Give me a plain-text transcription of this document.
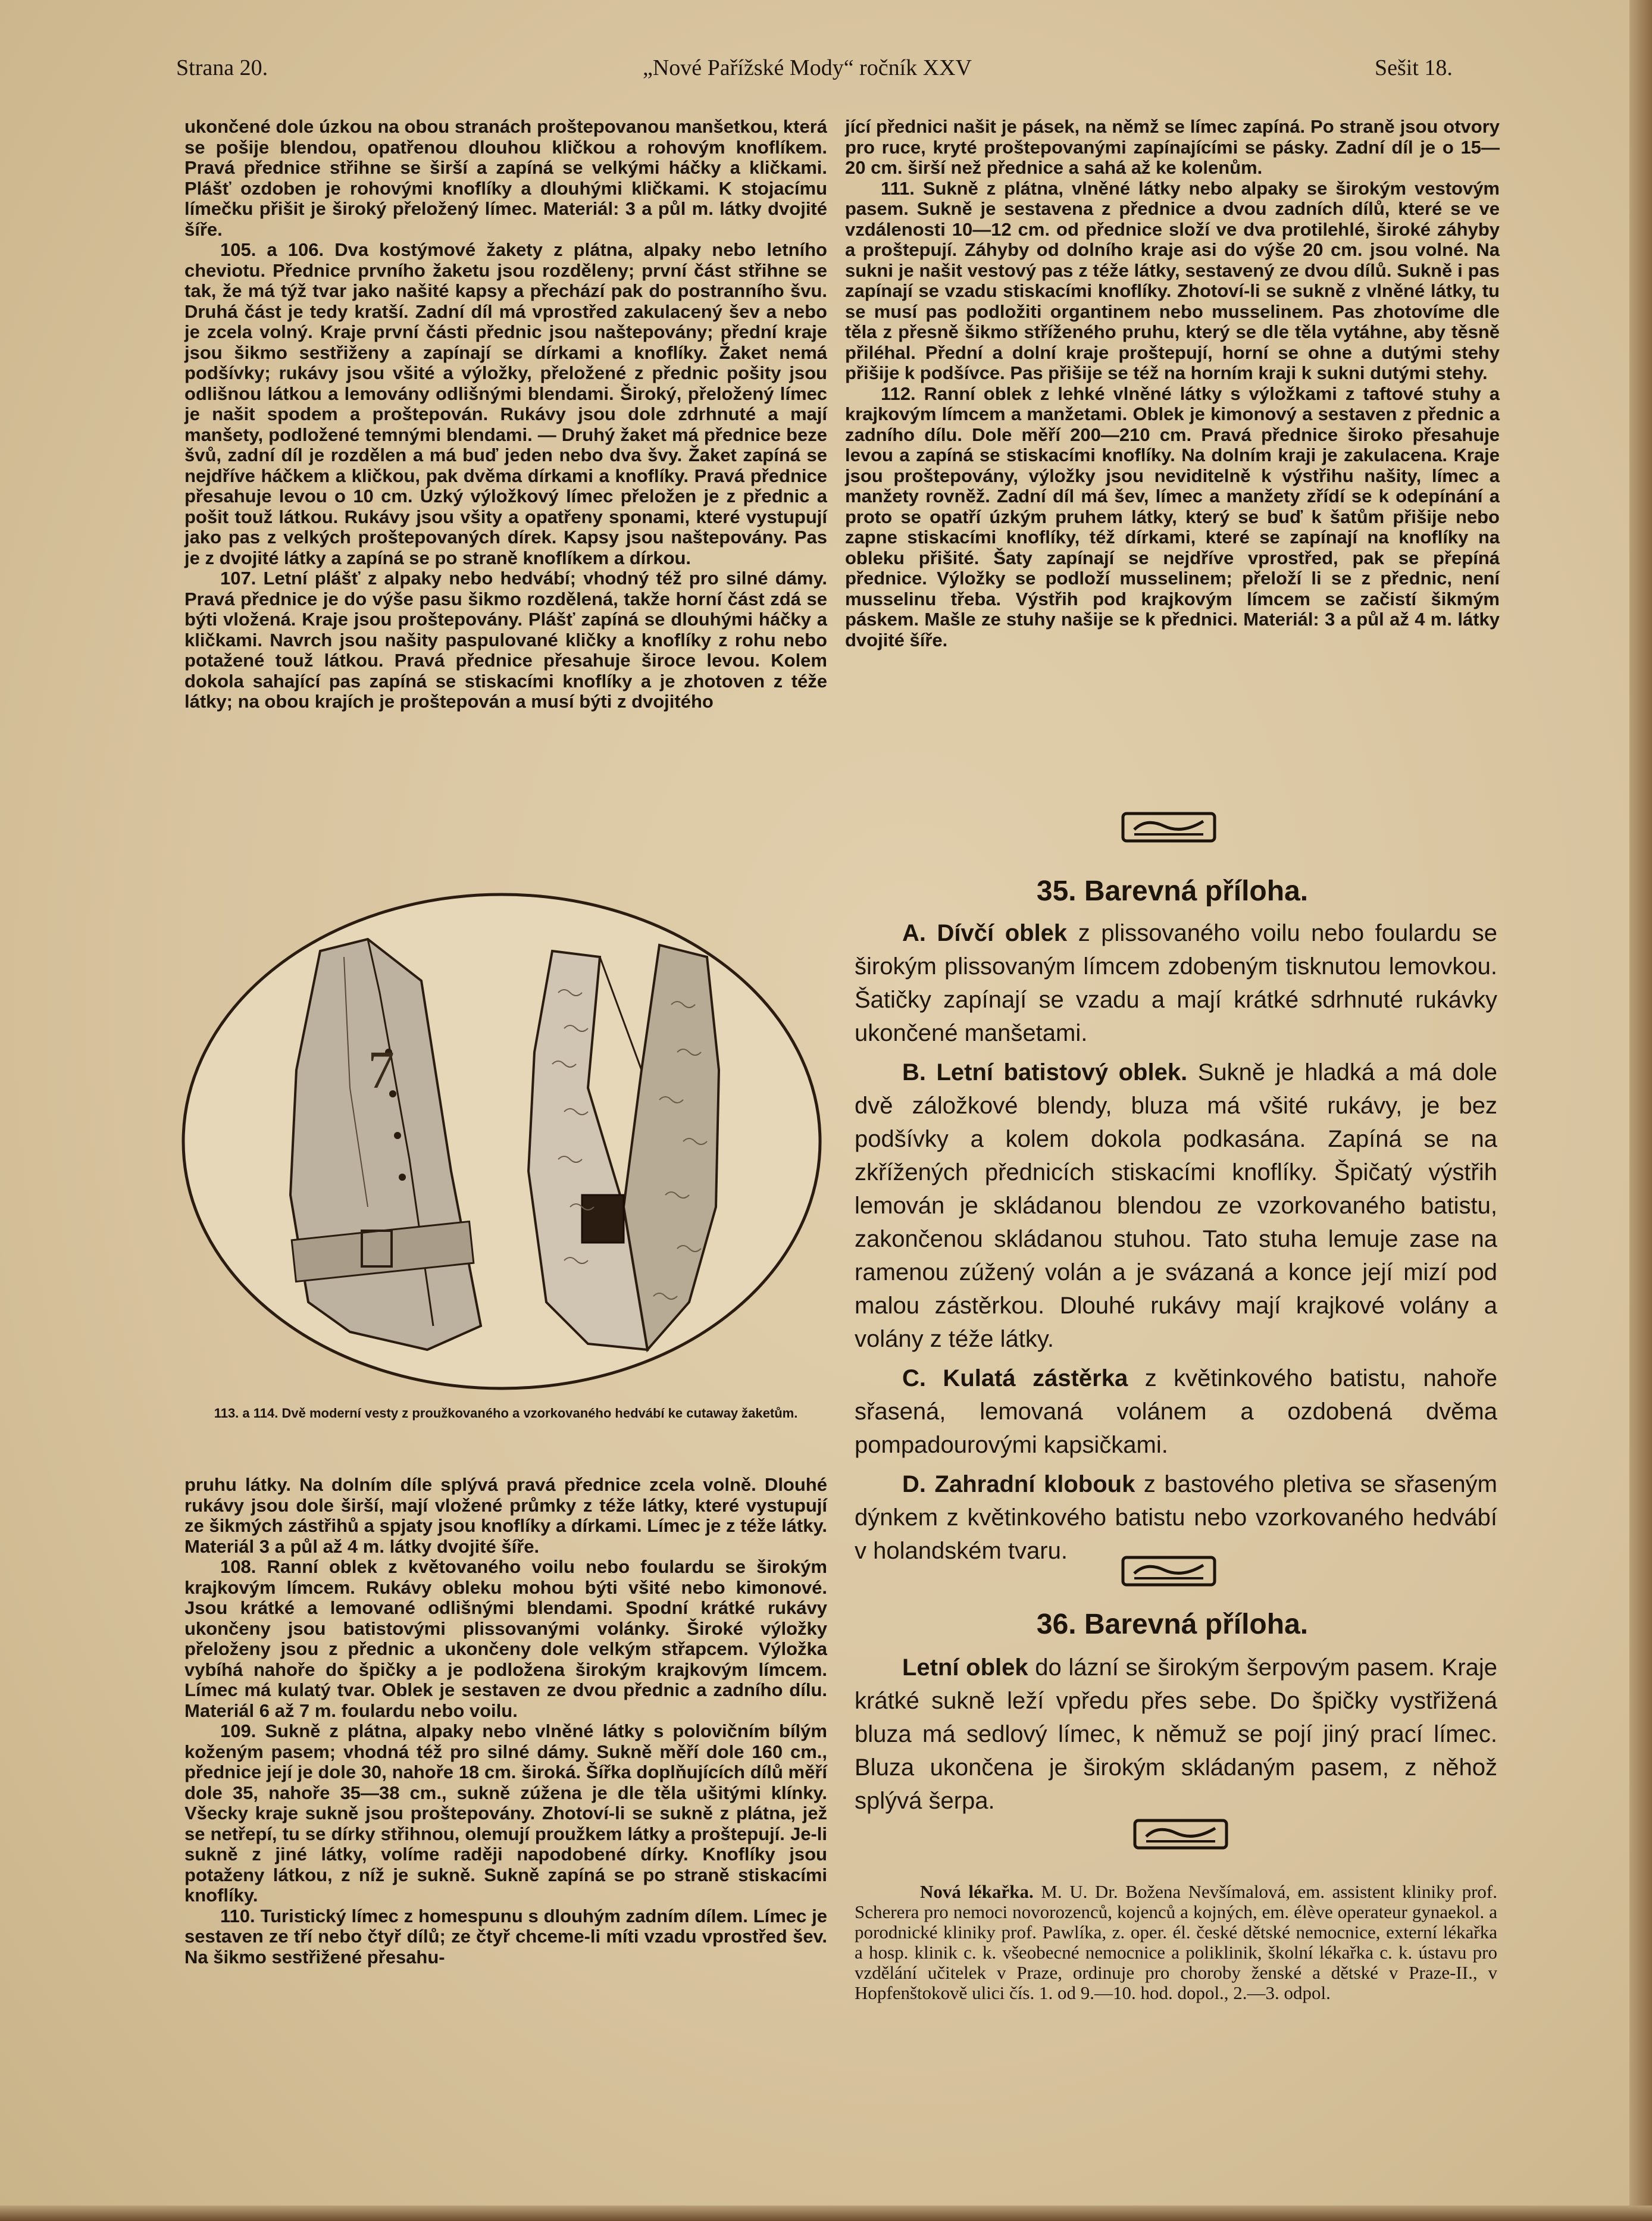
Strana 20.	„Nové Pařížské Mody“ ročník XXV	Sešit 18.

ukončené dole úzkou na obou stranách proštepovanou manšetkou, která se pošije blendou, opatřenou dlouhou kličkou a rohovým knoflíkem. Pravá přednice střihne se širší a zapíná se velkými háčky a kličkami. Plášť ozdoben je rohovými knoflíky a dlouhými kličkami. K stojacímu límečku přišit je široký přeložený límec. Materiál: 3 a půl m. látky dvojité šíře.

105. a 106. Dva kostýmové žakety z plátna, alpaky nebo letního cheviotu. Přednice prvního žaketu jsou rozděleny; první část střihne se tak, že má týž tvar jako našité kapsy a přechází pak do postranního švu. Druhá část je tedy kratší. Zadní díl má vprostřed zakulacený šev a nebo je zcela volný. Kraje první části přednic jsou naštepovány; přední kraje jsou šikmo sestřiženy a zapínají se dírkami a knoflíky. Žaket nemá podšívky; rukávy jsou všité a výložky, přeložené z přednic pošity jsou odlišnou látkou a lemovány odlišnými blendami. Široký, přeložený límec je našit spodem a proštepován. Rukávy jsou dole zdrhnuté a mají manšety, podložené temnými blendami. — Druhý žaket má přednice beze švů, zadní díl je rozdělen a má buď jeden nebo dva švy. Žaket zapíná se nejdříve háčkem a kličkou, pak dvěma dírkami a knoflíky. Pravá přednice přesahuje levou o 10 cm. Úzký výložkový límec přeložen je z přednic a pošit touž látkou. Rukávy jsou všity a opatřeny sponami, které vystupují jako pas z velkých proštepovaných dírek. Kapsy jsou naštepovány. Pas je z dvojité látky a zapíná se po straně knoflíkem a dírkou.

107. Letní plášť z alpaky nebo hedvábí; vhodný též pro silné dámy. Pravá přednice je do výše pasu šikmo rozdělená, takže horní část zdá se býti vložená. Kraje jsou proštepovány. Plášť zapíná se dlouhými háčky a kličkami. Navrch jsou našity paspulované kličky a knoflíky z rohu nebo potažené touž látkou. Pravá přednice přesahuje široce levou. Kolem dokola sahající pas zapíná se stiskacími knoflíky a je zhotoven z téže látky; na obou krajích je proštepován a musí býti z dvojitého

7
113. a 114. Dvě moderní vesty z proužkovaného a vzorkovaného hedvábí ke cutaway žaketům.

pruhu látky. Na dolním díle splývá pravá přednice zcela volně. Dlouhé rukávy jsou dole širší, mají vložené průmky z téže látky, které vystupují ze šikmých zástřihů a spjaty jsou knoflíky a dírkami. Límec je z téže látky. Materiál 3 a půl až 4 m. látky dvojité šíře.

108. Ranní oblek z květovaného voilu nebo foulardu se širokým krajkovým límcem. Rukávy obleku mohou býti všité nebo kimonové. Jsou krátké a lemované odlišnými blendami. Spodní krátké rukávy ukončeny jsou batistovými plissovanými volánky. Široké výložky přeloženy jsou z přednic a ukončeny dole velkým střapcem. Výložka vybíhá nahoře do špičky a je podložena širokým krajkovým límcem. Límec má kulatý tvar. Oblek je sestaven ze dvou přednic a zadního dílu. Materiál 6 až 7 m. foulardu nebo voilu.

109. Sukně z plátna, alpaky nebo vlněné látky s polovičním bílým koženým pasem; vhodná též pro silné dámy. Sukně měří dole 160 cm., přednice její je dole 30, nahoře 18 cm. široká. Šířka doplňujících dílů měří dole 35, nahoře 35—38 cm., sukně zúžena je dle těla ušitými klínky. Všecky kraje sukně jsou proštepovány. Zhotoví-li se sukně z plátna, jež se netřepí, tu se dírky střihnou, olemují proužkem látky a proštepují. Je-li sukně z jiné látky, volíme raději napodobené dírky. Knoflíky jsou potaženy látkou, z níž je sukně. Sukně zapíná se po straně stiskacími knoflíky.

110. Turistický límec z homespunu s dlouhým zadním dílem. Límec je sestaven ze tří nebo čtyř dílů; ze čtyř chceme-li míti vzadu vprostřed šev. Na šikmo sestřižené přesahu-

jící přednici našit je pásek, na němž se límec zapíná. Po straně jsou otvory pro ruce, kryté proštepovanými zapínajícími se pásky. Zadní díl je o 15—20 cm. širší než přednice a sahá až ke kolenům.

111. Sukně z plátna, vlněné látky nebo alpaky se širokým vestovým pasem. Sukně je sestavena z přednice a dvou zadních dílů, které se ve vzdálenosti 10—12 cm. od přednice složí ve dva protilehlé, široké záhyby a proštepují. Záhyby od dolního kraje asi do výše 20 cm. jsou volné. Na sukni je našit vestový pas z téže látky, sestavený ze dvou dílů. Sukně i pas zapínají se vzadu stiskacími knoflíky. Zhotoví-li se sukně z vlněné látky, tu se musí pas podložiti organtinem nebo musselinem. Pas zhotovíme dle těla z přesně šikmo stříženého pruhu, který se dle těla vytáhne, aby těsně přiléhal. Přední a dolní kraje proštepují, horní se ohne a dutými stehy přišije k podšívce. Pas přišije se též na horním kraji k sukni dutými stehy.

112. Ranní oblek z lehké vlněné látky s výložkami z taftové stuhy a krajkovým límcem a manžetami. Oblek je kimonový a sestaven z přednic a zadního dílu. Dole měří 200—210 cm. Pravá přednice široko přesahuje levou a zapíná se stiskacími knoflíky. Na dolním kraji je zakulacena. Kraje jsou proštepovány, výložky jsou neviditelně k výstřihu našity, límec a manžety rovněž. Zadní díl má šev, límec a manžety zřídí se k odepínání a proto se opatří úzkým pruhem látky, který se buď k šatům přišije nebo zapne stiskacími knoflíky, též dírkami, které se zapínají na knoflíky na obleku přišité. Šaty zapínají se nejdříve vprostřed, pak se přepíná přednice. Výložky se podloží musselinem; přeloží li se z přednic, není musselinu třeba. Výstřih pod krajkovým límcem se začistí šikmým páskem. Mašle ze stuhy našije se k přednici. Materiál: 3 a půl až 4 m. látky dvojité šíře.

35. Barevná příloha.

A. Dívčí oblek z plissovaného voilu nebo foulardu se širokým plissovaným límcem zdobeným tisknutou lemovkou. Šatičky zapínají se vzadu a mají krátké sdrhnuté rukávky ukončené manšetami.

B. Letní batistový oblek. Sukně je hladká a má dole dvě záložkové blendy, bluza má všité rukávy, je bez podšívky a kolem dokola podkasána. Zapíná se na zkřížených přednicích stiskacími knoflíky. Špičatý výstřih lemován je skládanou blendou ze vzorkovaného batistu, zakončenou skládanou stuhou. Tato stuha lemuje zase na ramenou zúžený volán a je svázaná a konce její mizí pod malou zástěrkou. Dlouhé rukávy mají krajkové volány a volány z téže látky.

C. Kulatá zástěrka z květinkového batistu, nahoře sřasená, lemovaná volánem a ozdobená dvěma pompadourovými kapsičkami.

D. Zahradní klobouk z bastového pletiva se sřaseným dýnkem z květinkového batistu nebo vzorkovaného hedvábí v holandském tvaru.

36. Barevná příloha.

Letní oblek do lázní se širokým šerpovým pasem. Kraje krátké sukně leží vpředu přes sebe. Do špičky vystřižená bluza má sedlový límec, k němuž se pojí jiný prací límec. Bluza ukončena je širokým skládaným pasem, z něhož splývá šerpa.

Nová lékařka. M. U. Dr. Božena Nevšímalová, em. assistent kliniky prof. Scherera pro nemoci novorozenců, kojenců a kojných, em. élève operateur gynaekol. a porodnické kliniky prof. Pawlíka, z. oper. él. české dětské nemocnice, externí lékařka a hosp. klinik c. k. všeobecné nemocnice a poliklinik, školní lékařka c. k. ústavu pro vzdělání učitelek v Praze, ordinuje pro choroby ženské a dětské v Praze-II., v Hopfenštokově ulici čís. 1. od 9.—10. hod. dopol., 2.—3. odpol.
